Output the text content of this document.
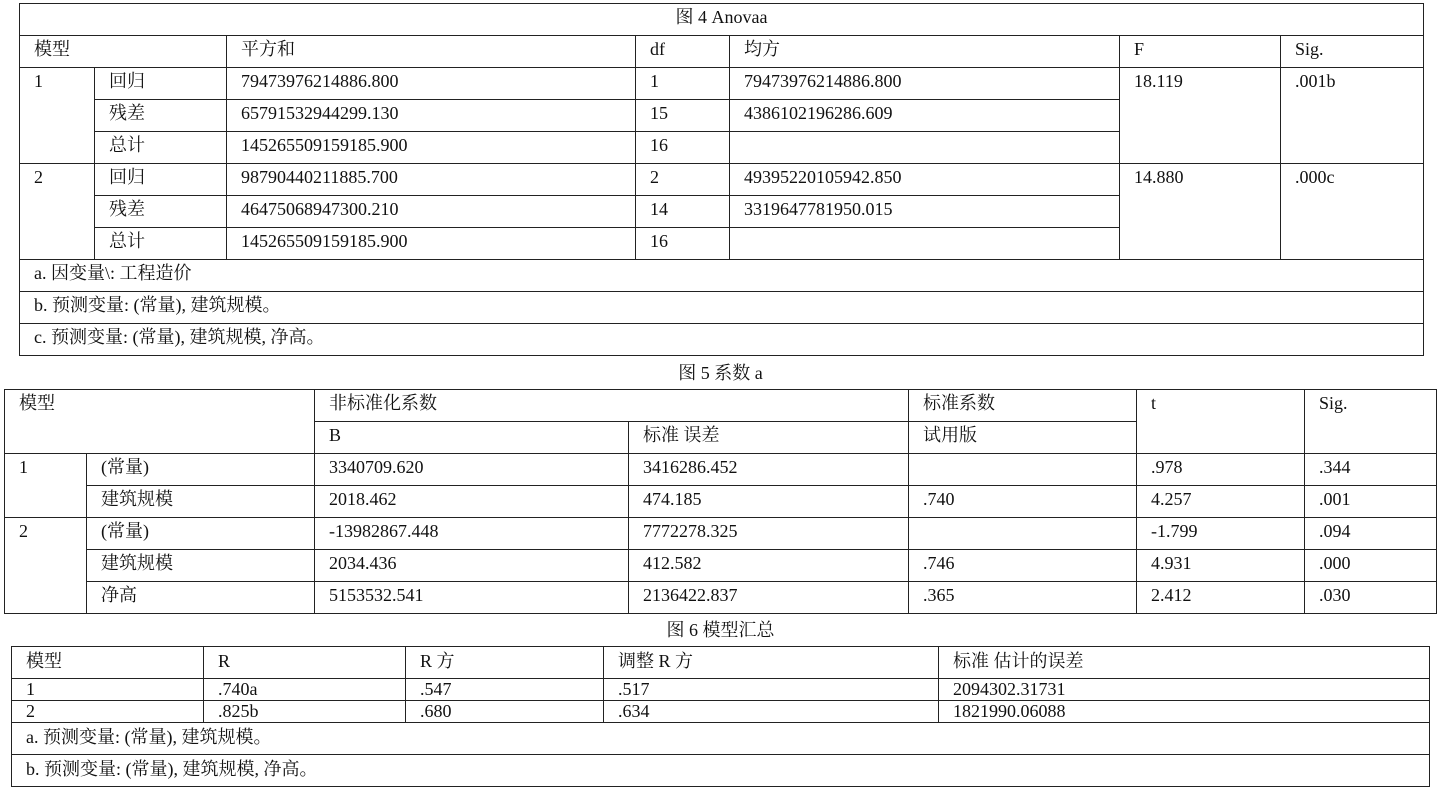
图 4 Anovaa						
模型		平方和	df	均方	F	Sig.
1	回归	79473976214886.800	1	79473976214886.800	18.119	.001b
	残差	65791532944299.130	15	4386102196286.609		
	总计	145265509159185.900	16			
2	回归	98790440211885.700	2	49395220105942.850	14.880	.000c
	残差	46475068947300.210	14	3319647781950.015		
	总计	145265509159185.900	16			
a. 因变量\: 工程造价						
b. 预测变量: (常量), 建筑规模。						
c. 预测变量: (常量), 建筑规模, 净高。						
图 5 系数 a
模型		非标准化系数		标准系数	t	Sig.
		B	标准 误差	试用版		
1	(常量)	3340709.620	3416286.452		.978	.344
	建筑规模	2018.462	474.185	.740	4.257	.001
2	(常量)	-13982867.448	7772278.325		-1.799	.094
	建筑规模	2034.436	412.582	.746	4.931	.000
	净高	5153532.541	2136422.837	.365	2.412	.030
图 6 模型汇总
模型	R	R 方	调整 R 方	标准 估计的误差
1	.740a	.547	.517	2094302.31731
2	.825b	.680	.634	1821990.06088
a. 预测变量: (常量), 建筑规模。				
b. 预测变量: (常量), 建筑规模, 净高。				
